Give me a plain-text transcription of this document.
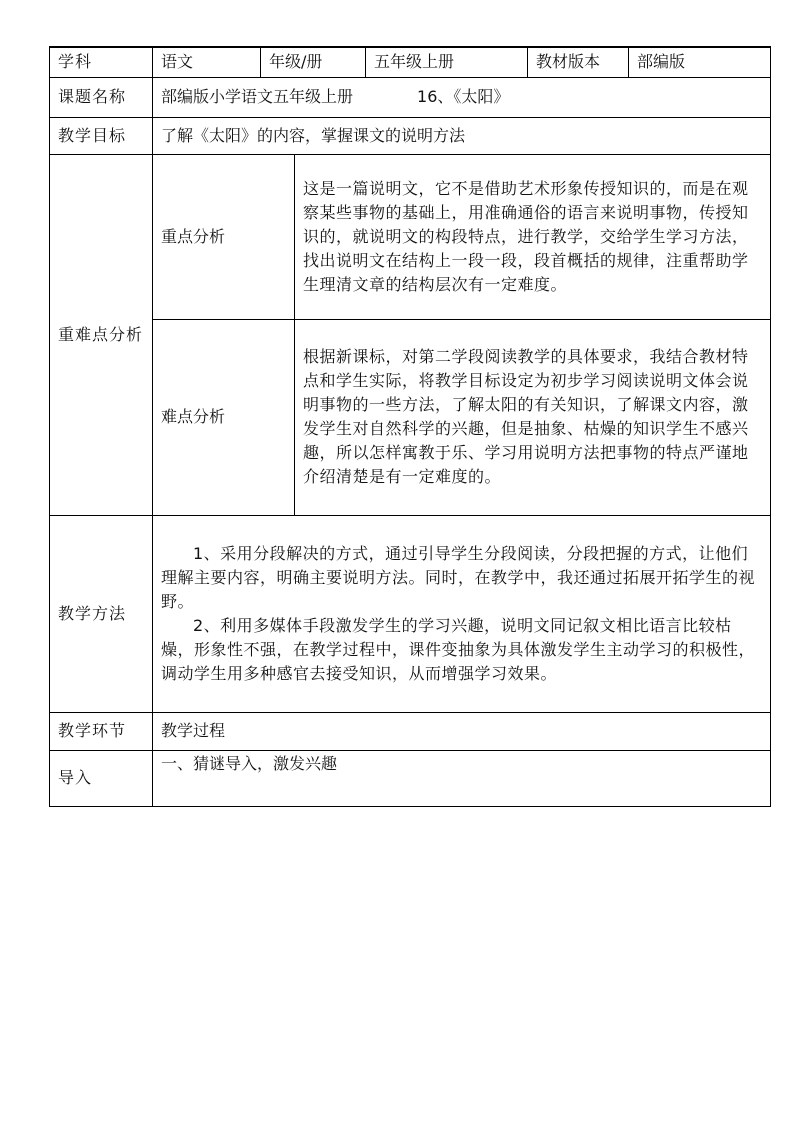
学科	语文	年级/册		五年级上册	教材版本	部编版
课题名称	部编版小学语文五年级上册 16、《太阳》					
教学目标	了解《太阳》的内容，掌握课文的说明方法					
重难点分析	重点分析		这是一篇说明文，它不是借助艺术形象传授知识的，而是在观察某些事物的基础上，用准确通俗的语言来说明事物，传授知识的，就说明文的构段特点，进行教学，交给学生学习方法，找出说明文在结构上一段一段，段首概括的规律，注重帮助学生理清文章的结构层次有一定难度。			
	难点分析		根据新课标，对第二学段阅读教学的具体要求，我结合教材特点和学生实际，将教学目标设定为初步学习阅读说明文体会说明事物的一些方法，了解太阳的有关知识，了解课文内容，激发学生对自然科学的兴趣，但是抽象、枯燥的知识学生不感兴趣，所以怎样寓教于乐、学习用说明方法把事物的特点严谨地介绍清楚是有一定难度的。			
教学方法	1、采用分段解决的方式，通过引导学生分段阅读，分段把握的方式，让他们理解主要内容，明确主要说明方法。同时，在教学中，我还通过拓展开拓学生的视野。

2、利用多媒体手段激发学生的学习兴趣，说明文同记叙文相比语言比较枯燥，形象性不强，在教学过程中，课件变抽象为具体激发学生主动学习的积极性，调动学生用多种感官去接受知识，从而增强学习效果。					

教学环节	教学过程					
导入	一、猜谜导入，激发兴趣					
